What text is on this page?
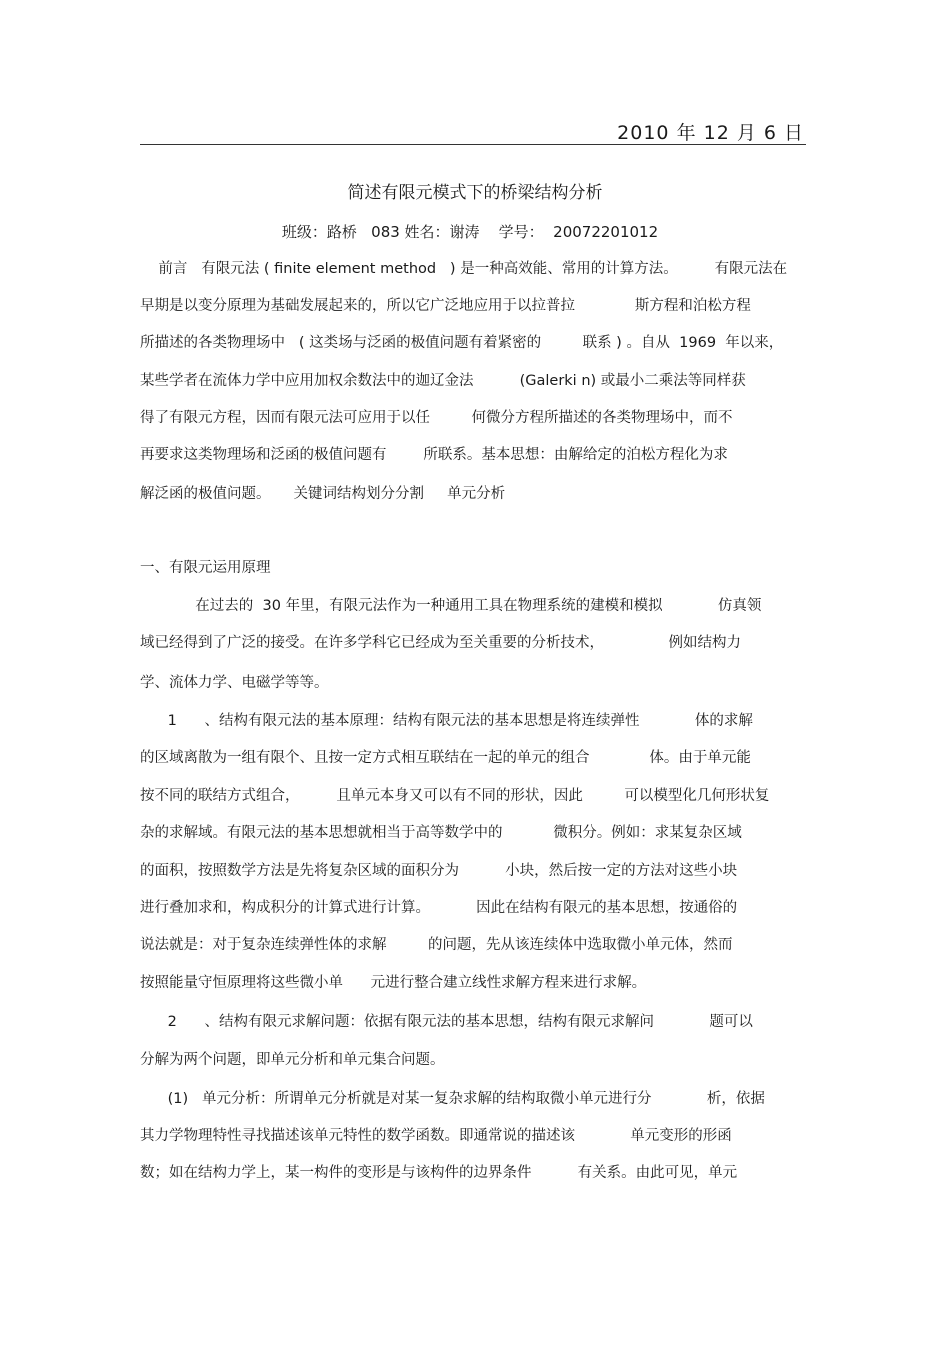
2010 年 12 月 6 日
简述有限元模式下的桥梁结构分析
班级：路桥   083 姓名：谢涛    学号：  20072201012
前言   有限元法 ( finite element method   ) 是一种高效能、常用的计算方法。        有限元法在
早期是以变分原理为基础发展起来的，所以它广泛地应用于以拉普拉             斯方程和泊松方程
所描述的各类物理场中   ( 这类场与泛函的极值问题有着紧密的         联系 ) 。自从  1969  年以来，
某些学者在流体力学中应用加权余数法中的迦辽金法          (Galerki n) 或最小二乘法等同样获
得了有限元方程，因而有限元法可应用于以任         何微分方程所描述的各类物理场中，而不
再要求这类物理场和泛函的极值问题有        所联系。基本思想：由解给定的泊松方程化为求
解泛函的极值问题。     关键词结构划分分割     单元分析
一、有限元运用原理
在过去的  30 年里，有限元法作为一种通用工具在物理系统的建模和模拟            仿真领
域已经得到了广泛的接受。在许多学科它已经成为至关重要的分析技术，              例如结构力
学、流体力学、电磁学等等。
1      、结构有限元法的基本原理：结构有限元法的基本思想是将连续弹性            体的求解
的区域离散为一组有限个、且按一定方式相互联结在一起的单元的组合             体。由于单元能
按不同的联结方式组合，        且单元本身又可以有不同的形状，因此         可以模型化几何形状复
杂的求解域。有限元法的基本思想就相当于高等数学中的           微积分。例如：求某复杂区域
的面积，按照数学方法是先将复杂区域的面积分为          小块，然后按一定的方法对这些小块
进行叠加求和，构成积分的计算式进行计算。          因此在结构有限元的基本思想，按通俗的
说法就是：对于复杂连续弹性体的求解         的问题，先从该连续体中选取微小单元体，然而
按照能量守恒原理将这些微小单      元进行整合建立线性求解方程来进行求解。
2      、结构有限元求解问题：依据有限元法的基本思想，结构有限元求解问            题可以
分解为两个问题，即单元分析和单元集合问题。
(1)   单元分析：所谓单元分析就是对某一复杂求解的结构取微小单元进行分            析，依据
其力学物理特性寻找描述该单元特性的数学函数。即通常说的描述该            单元变形的形函
数；如在结构力学上，某一构件的变形是与该构件的边界条件          有关系。由此可见，单元
